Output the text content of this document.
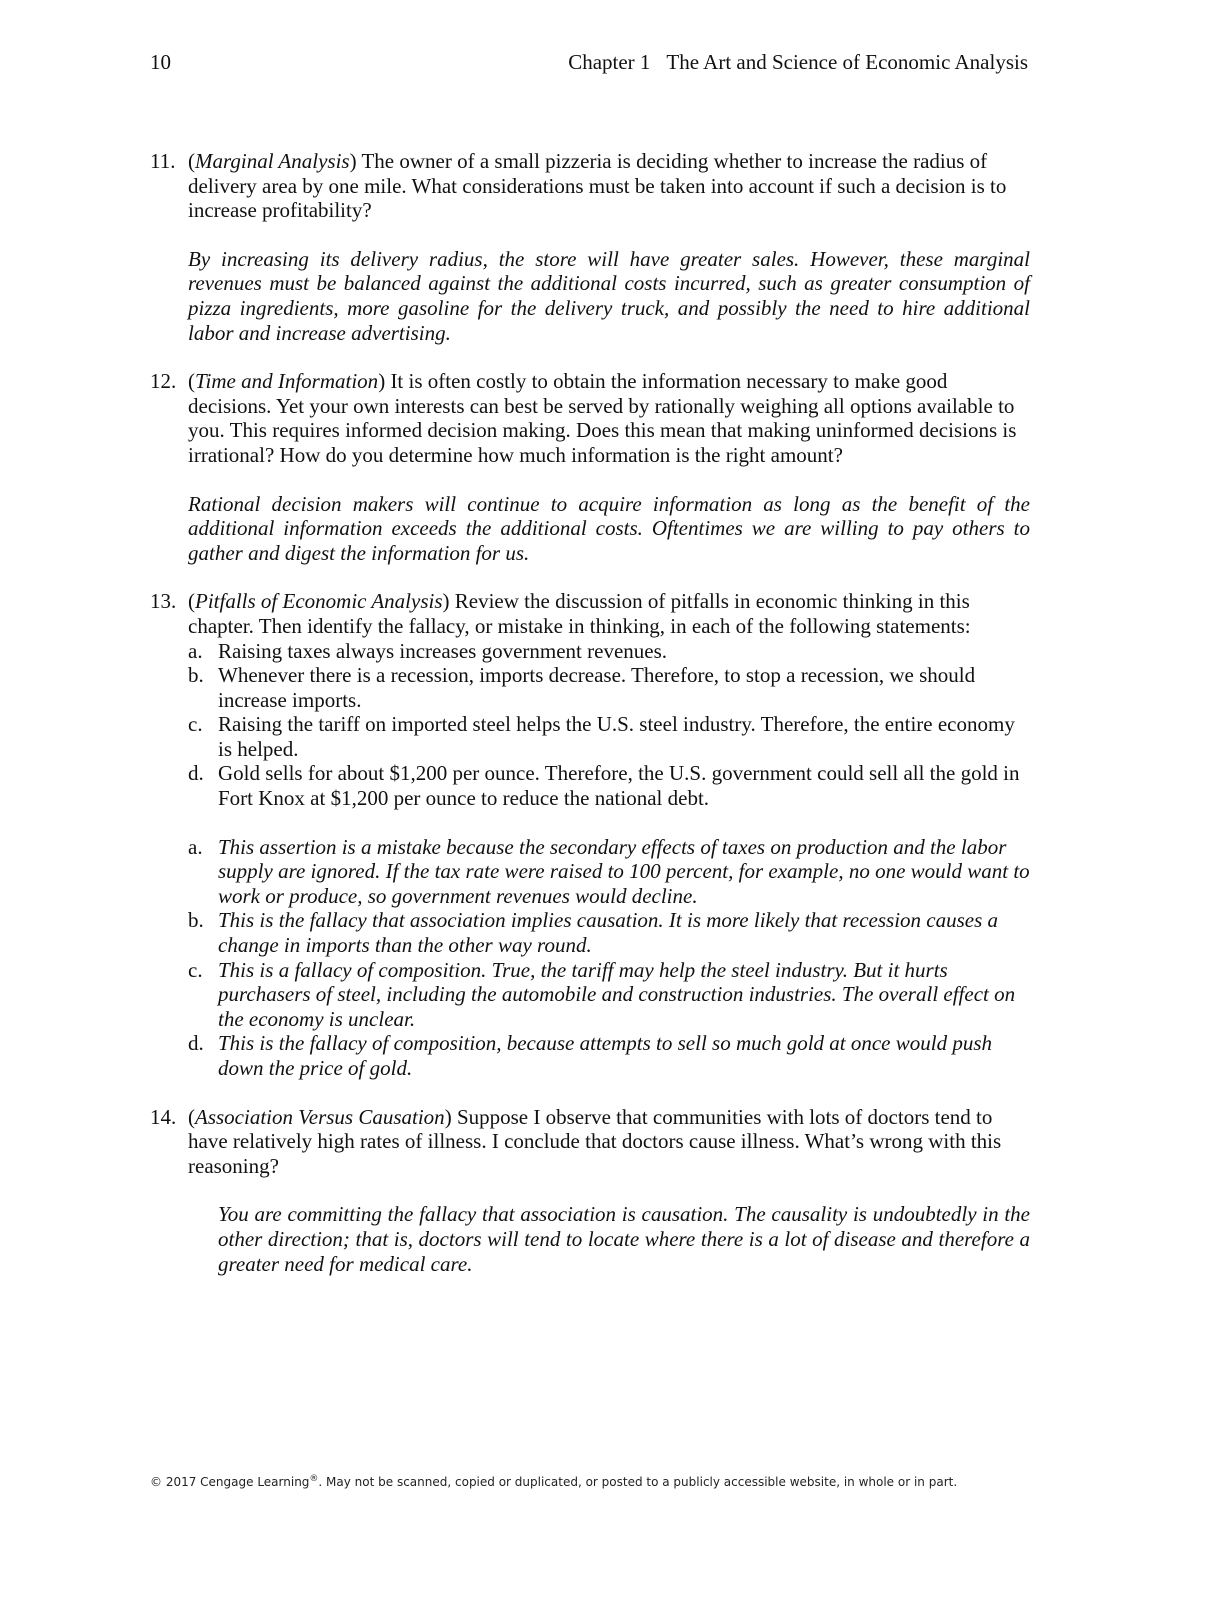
10	Chapter 1 The Art and Science of Economic Analysis
11. (Marginal Analysis) The owner of a small pizzeria is deciding whether to increase the radius of delivery area by one mile. What considerations must be taken into account if such a decision is to increase profitability?
By increasing its delivery radius, the store will have greater sales. However, these marginal revenues must be balanced against the additional costs incurred, such as greater consumption of pizza ingredients, more gasoline for the delivery truck, and possibly the need to hire additional labor and increase advertising.
12. (Time and Information) It is often costly to obtain the information necessary to make good decisions. Yet your own interests can best be served by rationally weighing all options available to you. This requires informed decision making. Does this mean that making uninformed decisions is irrational? How do you determine how much information is the right amount?
Rational decision makers will continue to acquire information as long as the benefit of the additional information exceeds the additional costs. Oftentimes we are willing to pay others to gather and digest the information for us.
13. (Pitfalls of Economic Analysis) Review the discussion of pitfalls in economic thinking in this chapter. Then identify the fallacy, or mistake in thinking, in each of the following statements:
a. Raising taxes always increases government revenues.
b. Whenever there is a recession, imports decrease. Therefore, to stop a recession, we should increase imports.
c. Raising the tariff on imported steel helps the U.S. steel industry. Therefore, the entire economy is helped.
d. Gold sells for about $1,200 per ounce. Therefore, the U.S. government could sell all the gold in Fort Knox at $1,200 per ounce to reduce the national debt.
a. This assertion is a mistake because the secondary effects of taxes on production and the labor supply are ignored. If the tax rate were raised to 100 percent, for example, no one would want to work or produce, so government revenues would decline.
b. This is the fallacy that association implies causation. It is more likely that recession causes a change in imports than the other way round.
c. This is a fallacy of composition. True, the tariff may help the steel industry. But it hurts purchasers of steel, including the automobile and construction industries. The overall effect on the economy is unclear.
d. This is the fallacy of composition, because attempts to sell so much gold at once would push down the price of gold.
14. (Association Versus Causation) Suppose I observe that communities with lots of doctors tend to have relatively high rates of illness. I conclude that doctors cause illness. What’s wrong with this reasoning?
You are committing the fallacy that association is causation. The causality is undoubtedly in the other direction; that is, doctors will tend to locate where there is a lot of disease and therefore a greater need for medical care.
© 2017 Cengage Learning®. May not be scanned, copied or duplicated, or posted to a publicly accessible website, in whole or in part.
